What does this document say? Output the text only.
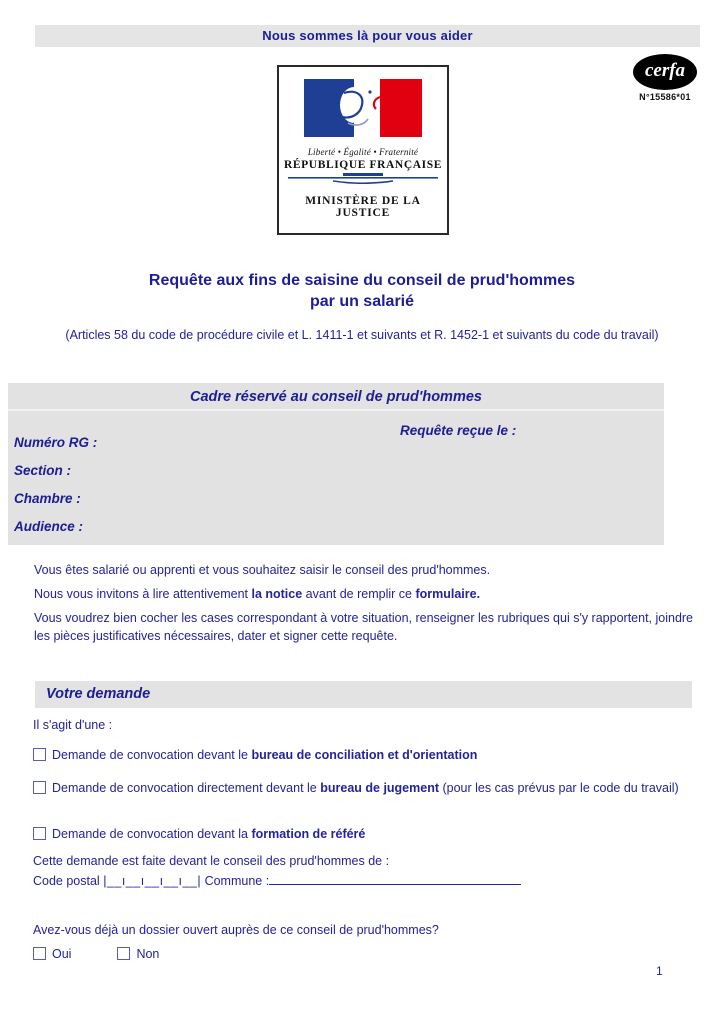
Nous sommes là pour vous aider
cerfa
N°15586*01
Liberté • Égalité • Fraternité
RÉPUBLIQUE FRANÇAISE
MINISTÈRE DE LA JUSTICE
Requête aux fins de saisine du conseil de prud'hommes
par un salarié
(Articles 58 du code de procédure civile et L. 1411-1 et suivants et R. 1452-1 et suivants du code du travail)
Cadre réservé au conseil de prud'hommes
Requête reçue le :
Numéro RG :
Section :
Chambre :
Audience :

Vous êtes salarié ou apprenti et vous souhaitez saisir le conseil des prud'hommes.

Nous vous invitons à lire attentivement la notice avant de remplir ce formulaire.

Vous voudrez bien cocher les cases correspondant à votre situation, renseigner les rubriques qui s'y rapportent, joindre les pièces justificatives nécessaires, dater et signer cette requête.

Votre demande
Il s'agit d'une :
Demande de convocation devant le bureau de conciliation et d'orientation
Demande de convocation directement devant le bureau de jugement (pour les cas prévus par le code du travail)
Demande de convocation devant la formation de référé
Cette demande est faite devant le conseil des prud'hommes de :
Code postal |__ı__ı__ı__ı__| Commune :
Avez-vous déjà un dossier ouvert auprès de ce conseil de prud'hommes?
Oui	Non
1
